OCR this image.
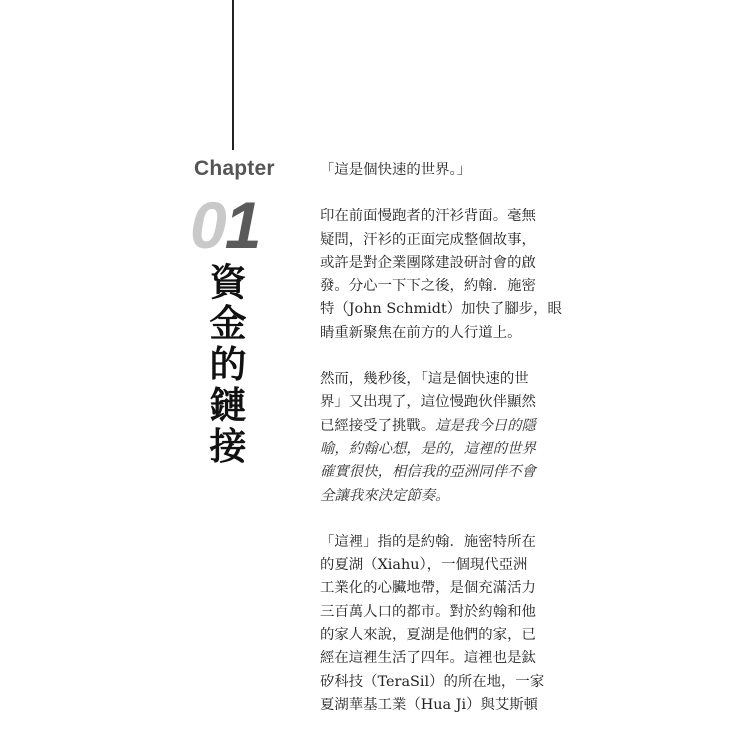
Chapter
01
資
金
的
鏈
接

「這是個快速的世界。」

印在前面慢跑者的汗衫背面。毫無
疑問，汗衫的正面完成整個故事，
或許是對企業團隊建設研討會的啟
發。分心一下下之後，約翰．施密
特（John Schmidt）加快了腳步，眼
睛重新聚焦在前方的人行道上。

然而，幾秒後，「這是個快速的世
界」又出現了，這位慢跑伙伴顯然
已經接受了挑戰。這是我今日的隱
喻，約翰心想，是的，這裡的世界
確實很快，相信我的亞洲同伴不會
全讓我來決定節奏。

「這裡」指的是約翰．施密特所在
的夏湖（Xiahu），一個現代亞洲
工業化的心臟地帶，是個充滿活力
三百萬人口的都市。對於約翰和他
的家人來說，夏湖是他們的家，已
經在這裡生活了四年。這裡也是鈦
矽科技（TeraSil）的所在地，一家
夏湖華基工業（Hua Ji）與艾斯頓
